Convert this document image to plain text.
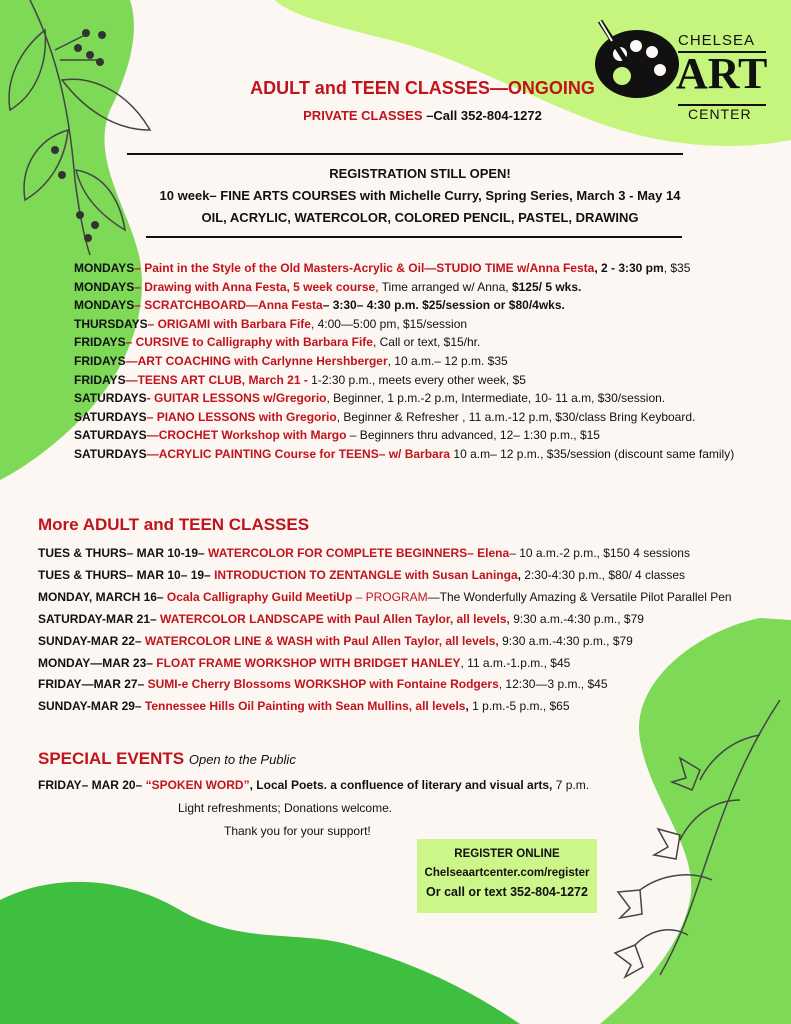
CHELSEA
ART
CENTER
ADULT and TEEN CLASSES—ONGOING
PRIVATE CLASSES –Call 352-804-1272
REGISTRATION STILL OPEN!
10 week– FINE ARTS COURSES with Michelle Curry, Spring Series, March 3 - May 14
OIL, ACRYLIC, WATERCOLOR, COLORED PENCIL, PASTEL, DRAWING
MONDAYS– Paint in the Style of the Old Masters-Acrylic & Oil—STUDIO TIME w/Anna Festa, 2 - 3:30 pm, $35
MONDAYS– Drawing with Anna Festa, 5 week course, Time arranged w/ Anna, $125/ 5 wks.
MONDAYS– SCRATCHBOARD—Anna Festa– 3:30– 4:30 p.m. $25/session or $80/4wks.
THURSDAYS– ORIGAMI with Barbara Fife, 4:00—5:00 pm, $15/session
FRIDAYS– CURSIVE to Calligraphy with Barbara Fife, Call or text, $15/hr.
FRIDAYS—ART COACHING with Carlynne Hershberger, 10 a.m.– 12 p.m. $35
FRIDAYS—TEENS ART CLUB, March 21 - 1-2:30 p.m., meets every other week, $5
SATURDAYS- GUITAR LESSONS w/Gregorio, Beginner, 1 p.m.-2 p.m, Intermediate, 10- 11 a.m, $30/session.
SATURDAYS– PIANO LESSONS with Gregorio, Beginner & Refresher , 11 a.m.-12 p.m, $30/class Bring Keyboard.
SATURDAYS—CROCHET Workshop with Margo – Beginners thru advanced, 12– 1:30 p.m., $15
SATURDAYS—ACRYLIC PAINTING Course for TEENS– w/ Barbara 10 a.m– 12 p.m., $35/session (discount same family)
More ADULT and TEEN CLASSES
TUES & THURS– MAR 10-19– WATERCOLOR FOR COMPLETE BEGINNERS– Elena– 10 a.m.-2 p.m., $150 4 sessions
TUES & THURS– MAR 10– 19– INTRODUCTION TO ZENTANGLE with Susan Laninga, 2:30-4:30 p.m., $80/ 4 classes
MONDAY, MARCH 16– Ocala Calligraphy Guild MeetiUp – PROGRAM—The Wonderfully Amazing & Versatile Pilot Parallel Pen
SATURDAY-MAR 21– WATERCOLOR LANDSCAPE with Paul Allen Taylor, all levels, 9:30 a.m.-4:30 p.m., $79
SUNDAY-MAR 22– WATERCOLOR LINE & WASH with Paul Allen Taylor, all levels, 9:30 a.m.-4:30 p.m., $79
MONDAY—MAR 23– FLOAT FRAME WORKSHOP WITH BRIDGET HANLEY, 11 a.m.-1.p.m., $45
FRIDAY—MAR 27– SUMI-e Cherry Blossoms WORKSHOP with Fontaine Rodgers, 12:30—3 p.m., $45
SUNDAY-MAR 29– Tennessee Hills Oil Painting with Sean Mullins, all levels, 1 p.m.-5 p.m., $65
SPECIAL EVENTS Open to the Public
FRIDAY– MAR 20– “SPOKEN WORD”, Local Poets. a confluence of literary and visual arts, 7 p.m.
Light refreshments; Donations welcome.
Thank you for your support!
REGISTER ONLINE
Chelseaartcenter.com/register
Or call or text 352-804-1272
